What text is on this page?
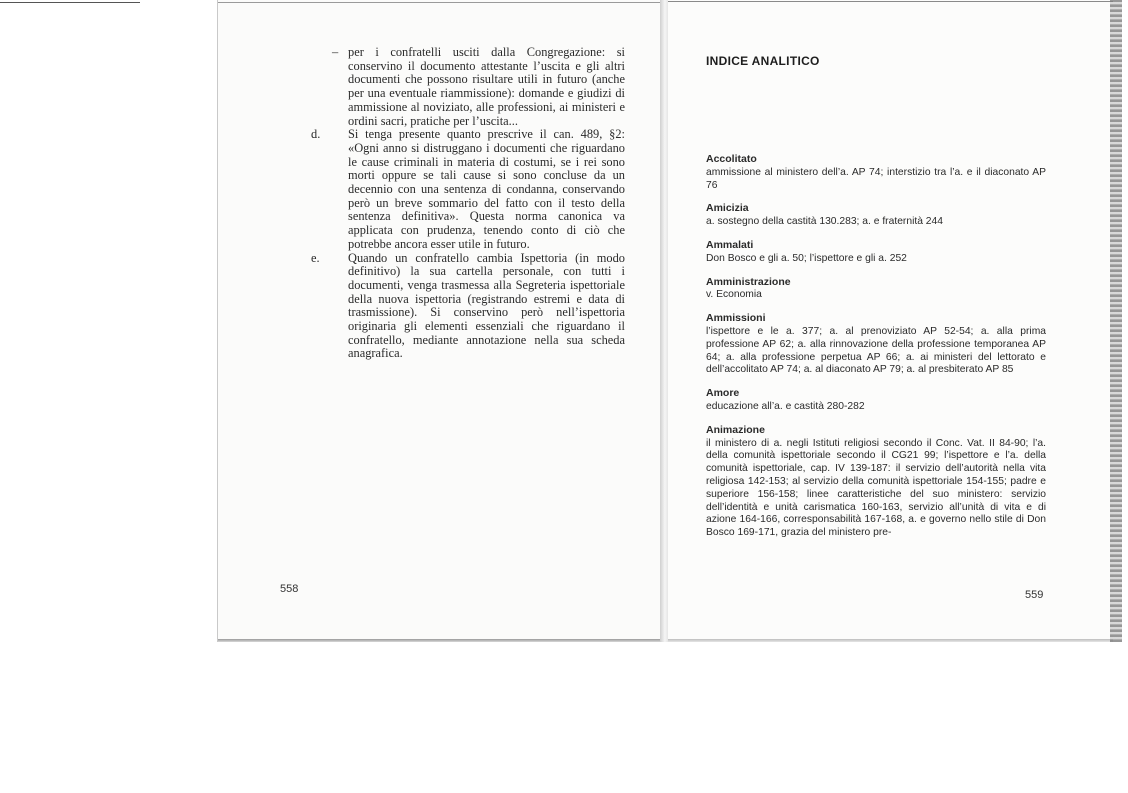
– per i confratelli usciti dalla Congregazione: si conservino il documento attestante l’uscita e gli altri documenti che possono risultare utili in futuro (anche per una eventuale riammissione): domande e giudizi di ammissione al noviziato, alle professioni, ai ministeri e ordini sacri, pratiche per l’uscita...

d. Si tenga presente quanto prescrive il can. 489, §2: «Ogni anno si distruggano i documenti che riguardano le cause criminali in materia di costumi, se i rei sono morti oppure se tali cause si sono concluse da un decennio con una sentenza di condanna, conservando però un breve sommario del fatto con il testo della sentenza definitiva». Questa norma canonica va applicata con prudenza, tenendo conto di ciò che potrebbe ancora esser utile in futuro.

e. Quando un confratello cambia Ispettoria (in modo definitivo) la sua cartella personale, con tutti i documenti, venga trasmessa alla Segreteria ispettoriale della nuova ispettoria (registrando estremi e data di trasmissione). Si conservino però nell’ispettoria originaria gli elementi essenziali che riguardano il confratello, mediante annotazione nella sua scheda anagrafica.

558
INDICE ANALITICO
Accolitato
ammissione al ministero dell’a. AP 74; interstizio tra l’a. e il diaconato AP 76
Amicizia
a. sostegno della castità 130.283; a. e fraternità 244
Ammalati
Don Bosco e gli a. 50; l’ispettore e gli a. 252
Amministrazione
v. Economia
Ammissioni
l’ispettore e le a. 377; a. al prenoviziato AP 52-54; a. alla prima professione AP 62; a. alla rinnovazione della professione temporanea AP 64; a. alla professione perpetua AP 66; a. ai ministeri del lettorato e dell’accolitato AP 74; a. al diaconato AP 79; a. al presbiterato AP 85
Amore
educazione all’a. e castità 280-282
Animazione
il ministero di a. negli Istituti religiosi secondo il Conc. Vat. II 84-90; l’a. della comunità ispettoriale secondo il CG21 99; l’ispettore e l’a. della comunità ispettoriale, cap. IV 139-187: il servizio dell’autorità nella vita religiosa 142-153; al servizio della comunità ispettoriale 154-155; padre e superiore 156-158; linee caratteristiche del suo ministero: servizio dell’identità e unità carismatica 160-163, servizio all’unità di vita e di azione 164-166, corresponsabilità 167-168, a. e governo nello stile di Don Bosco 169-171, grazia del ministero pre-
559
